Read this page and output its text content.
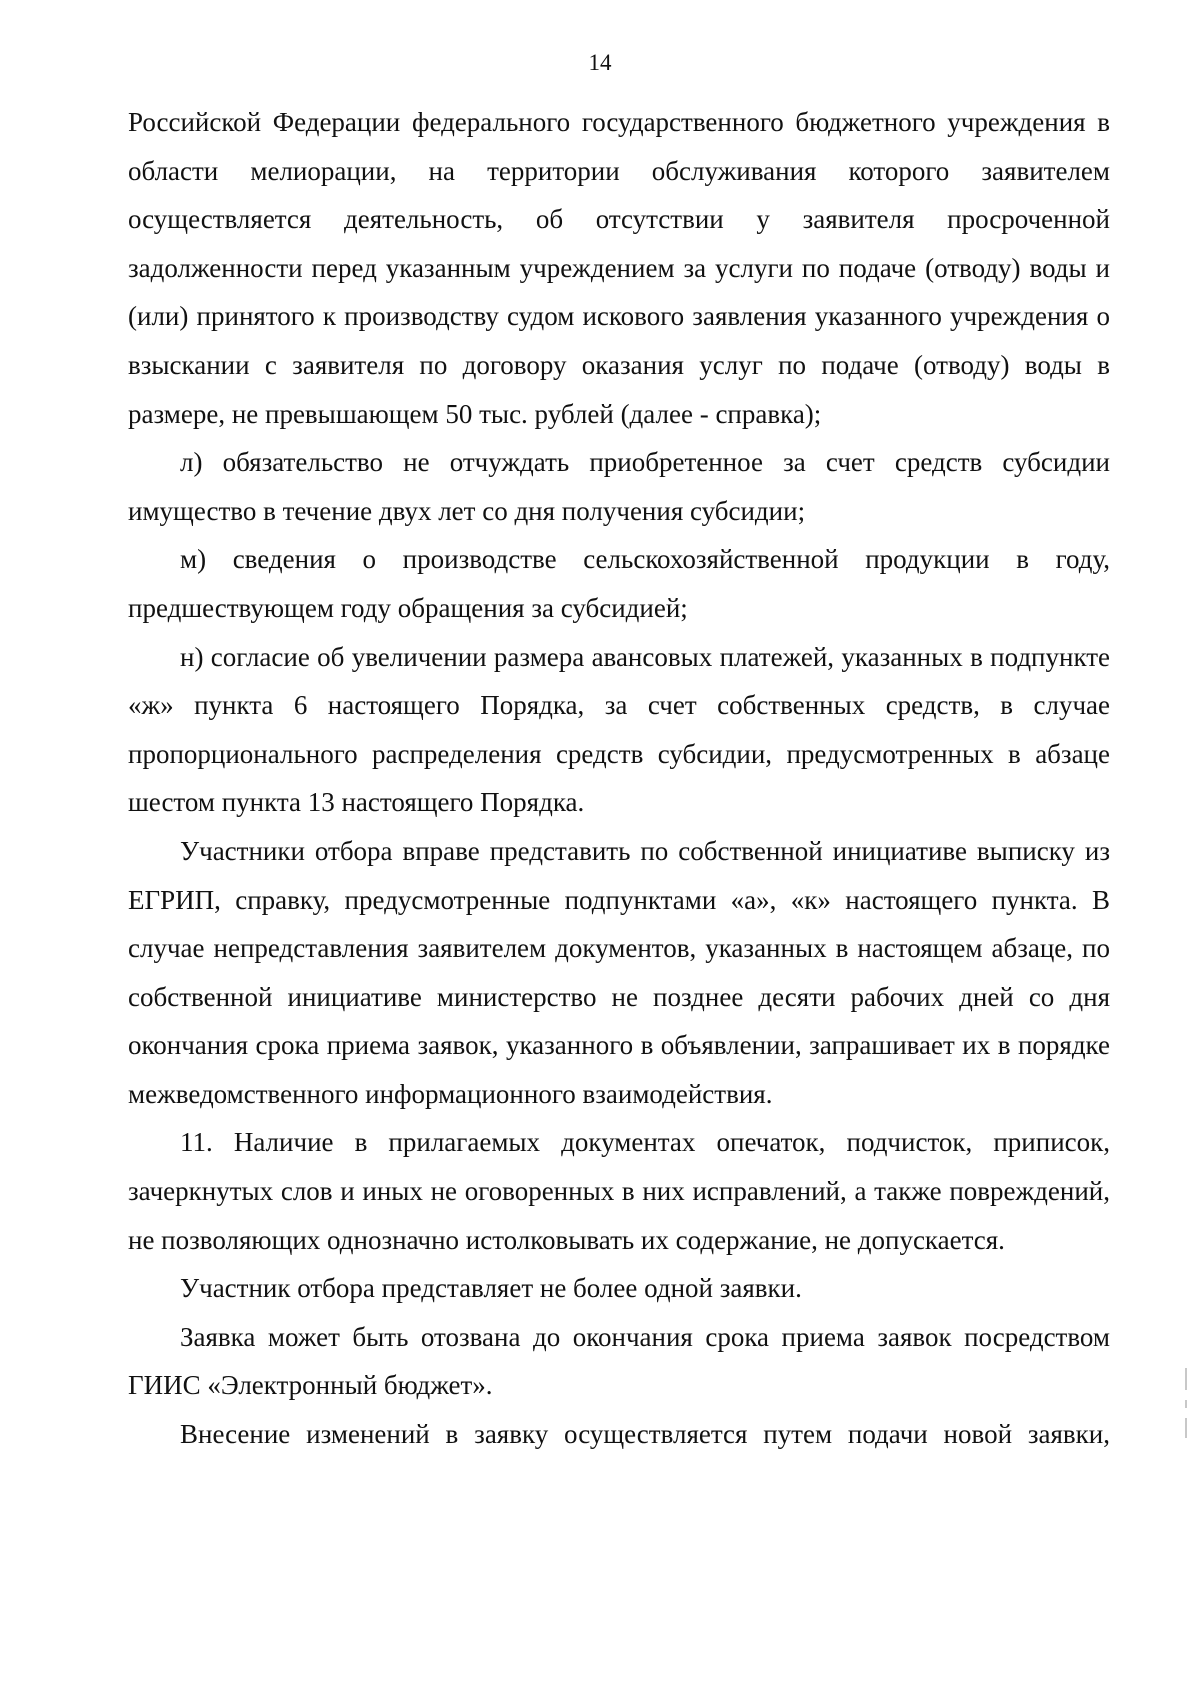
14

Российской Федерации федерального государственного бюджетного учреждения в области мелиорации, на территории обслуживания которого заявителем осуществляется деятельность, об отсутствии у заявителя просроченной задолженности перед указанным учреждением за услуги по подаче (отводу) воды и (или) принятого к производству судом искового заявления указанного учреждения о взыскании с заявителя по договору оказания услуг по подаче (отводу) воды в размере, не превышающем 50 тыс. рублей (далее - справка);

л) обязательство не отчуждать приобретенное за счет средств субсидии имущество в течение двух лет со дня получения субсидии;

м) сведения о производстве сельскохозяйственной продукции в году, предшествующем году обращения за субсидией;

н) согласие об увеличении размера авансовых платежей, указанных в подпункте «ж» пункта 6 настоящего Порядка, за счет собственных средств, в случае пропорционального распределения средств субсидии, предусмотренных в абзаце шестом пункта 13 настоящего Порядка.

Участники отбора вправе представить по собственной инициативе выписку из ЕГРИП, справку, предусмотренные подпунктами «а», «к» настоящего пункта. В случае непредставления заявителем документов, указанных в настоящем абзаце, по собственной инициативе министерство не позднее десяти рабочих дней со дня окончания срока приема заявок, указанного в объявлении, запрашивает их в порядке межведомственного информационного взаимодействия.

11. Наличие в прилагаемых документах опечаток, подчисток, приписок, зачеркнутых слов и иных не оговоренных в них исправлений, а также повреждений, не позволяющих однозначно истолковывать их содержание, не допускается.

Участник отбора представляет не более одной заявки.

Заявка может быть отозвана до окончания срока приема заявок посредством ГИИС «Электронный бюджет».

Внесение изменений в заявку осуществляется путем подачи новой заявки,
